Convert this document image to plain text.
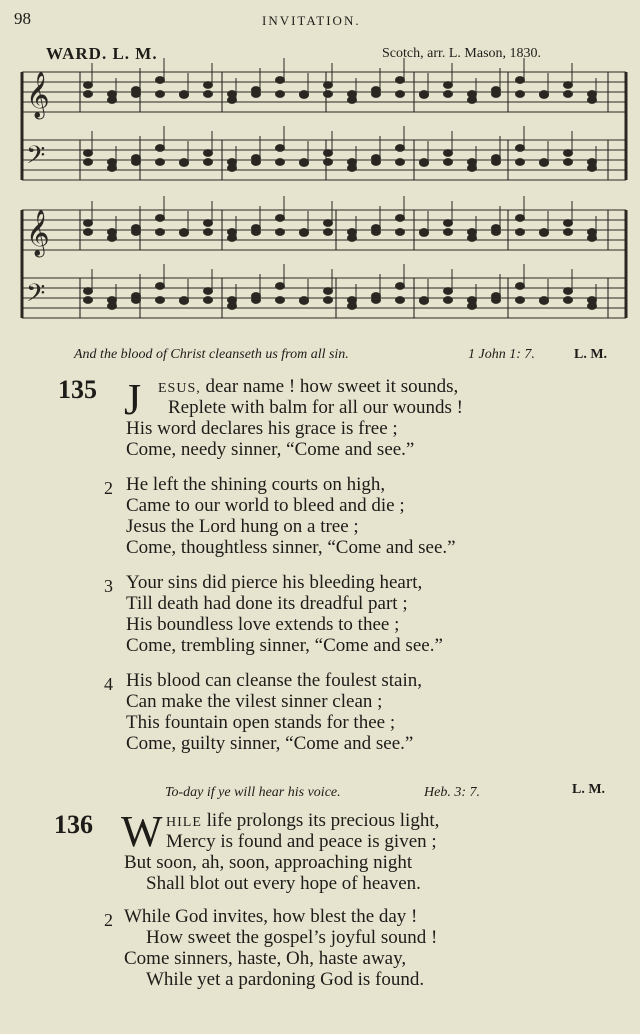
98	INVITATION.
WARD. L. M.	Scotch, arr. L. Mason, 1830.
𝄞
𝄢
𝄞
𝄢
And the blood of Christ cleanseth us from all sin.	1 John 1: 7.	L. M.
135 J ESUS, dear name ! how sweet it sounds,
Replete with balm for all our wounds !
His word declares his grace is free ;
Come, needy sinner, “Come and see.”
2 He left the shining courts on high,
Came to our world to bleed and die ;
Jesus the Lord hung on a tree ;
Come, thoughtless sinner, “Come and see.”
3 Your sins did pierce his bleeding heart,
Till death had done its dreadful part ;
His boundless love extends to thee ;
Come, trembling sinner, “Come and see.”
4 His blood can cleanse the foulest stain,
Can make the vilest sinner clean ;
This fountain open stands for thee ;
Come, guilty sinner, “Come and see.”
To-day if ye will hear his voice.	Heb. 3: 7.	L. M.
136 W HILE life prolongs its precious light,
Mercy is found and peace is given ;
But soon, ah, soon, approaching night
Shall blot out every hope of heaven.
2 While God invites, how blest the day !
How sweet the gospel’s joyful sound !
Come sinners, haste, Oh, haste away,
While yet a pardoning God is found.
